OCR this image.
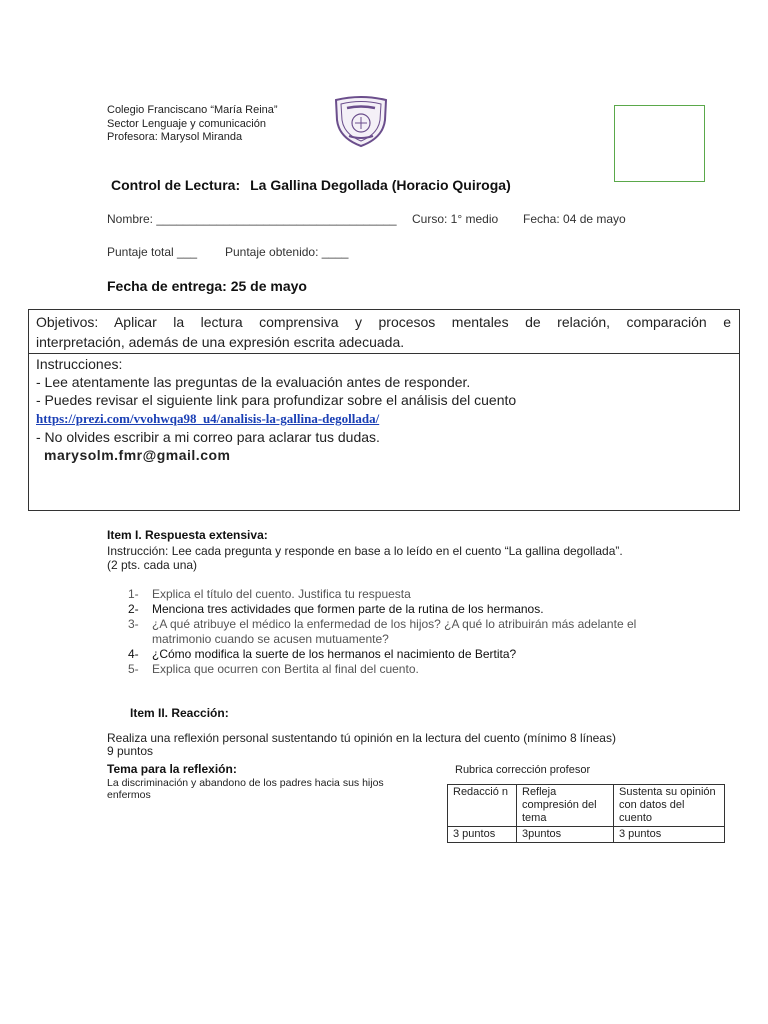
Colegio Franciscano “María Reina”
Sector Lenguaje y comunicación
Profesora: Marysol Miranda
Control de Lectura: La Gallina Degollada (Horacio Quiroga)
Nombre: ____________________________________ Curso: 1° medio Fecha: 04 de mayo
Puntaje total ___ Puntaje obtenido: ____
Fecha de entrega: 25 de mayo
Objetivos: Aplicar la lectura comprensiva y procesos mentales de relación, comparación e
interpretación, además de una expresión escrita adecuada.
Instrucciones:
- Lee atentamente las preguntas de la evaluación antes de responder.
- Puedes revisar el siguiente link para profundizar sobre el análisis del cuento
https://prezi.com/vvohwqa98_u4/analisis-la-gallina-degollada/
- No olvides escribir a mi correo para aclarar tus dudas.
marysolm.fmr@gmail.com
Item I. Respuesta extensiva:
Instrucción: Lee cada pregunta y responde en base a lo leído en el cuento “La gallina degollada”.
(2 pts. cada una)
1- Explica el título del cuento. Justifica tu respuesta
2- Menciona tres actividades que formen parte de la rutina de los hermanos.
3- ¿A qué atribuye el médico la enfermedad de los hijos? ¿A qué lo atribuirán más adelante el matrimonio cuando se acusen mutuamente?
4- ¿Cómo modifica la suerte de los hermanos el nacimiento de Bertita?
5- Explica que ocurren con Bertita al final del cuento.
Item II. Reacción:
Realiza una reflexión personal sustentando tú opinión en la lectura del cuento (mínimo 8 líneas)
9 puntos
Tema para la reflexión:
La discriminación y abandono de los padres hacia sus hijos enfermos
Rubrica corrección profesor
Redacció n	Refleja compresión del tema	Sustenta su opinión con datos del cuento
3 puntos	3puntos	3 puntos
